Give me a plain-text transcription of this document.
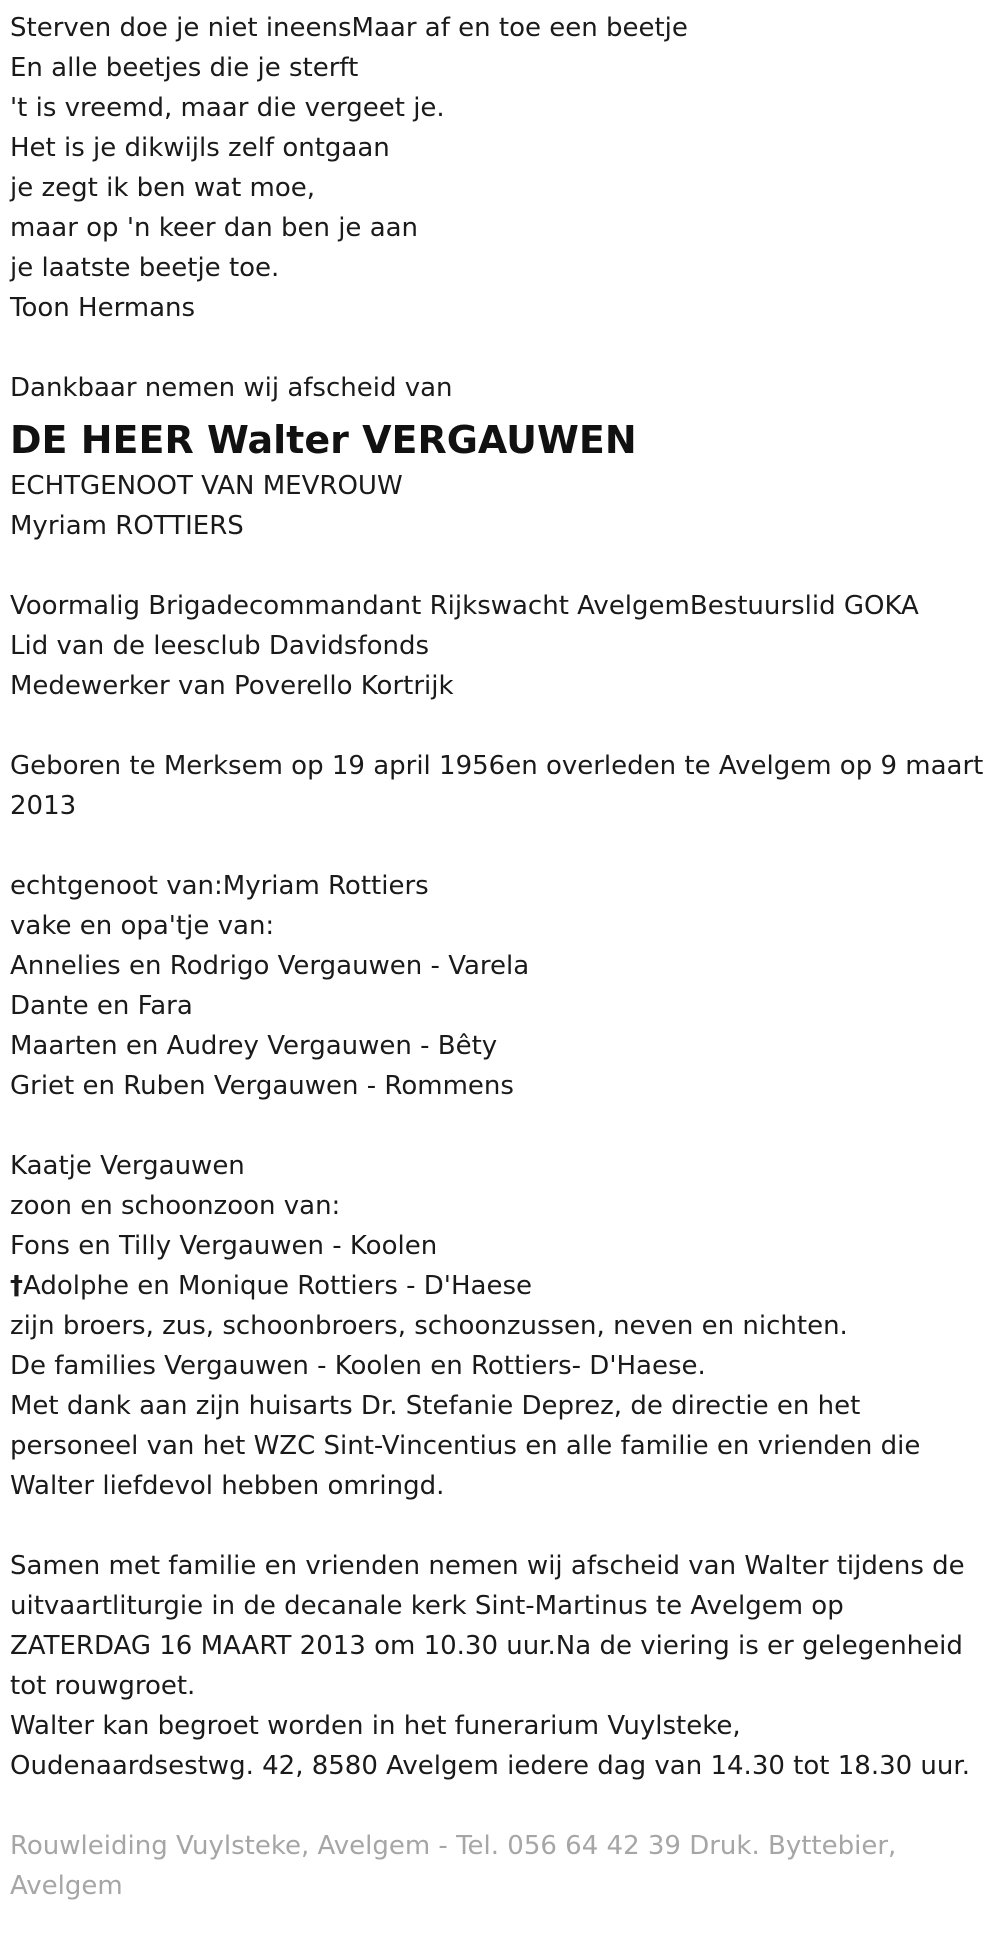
Sterven doe je niet ineensMaar af en toe een beetje
En alle beetjes die je sterft
't is vreemd, maar die vergeet je.
Het is je dikwijls zelf ontgaan
je zegt ik ben wat moe,
maar op 'n keer dan ben je aan
je laatste beetje toe.
Toon Hermans
Dankbaar nemen wij afscheid van
DE HEER Walter VERGAUWEN
ECHTGENOOT VAN MEVROUW
Myriam ROTTIERS
Voormalig Brigadecommandant Rijkswacht AvelgemBestuurslid GOKA
Lid van de leesclub Davidsfonds
Medewerker van Poverello Kortrijk
Geboren te Merksem op 19 april 1956en overleden te Avelgem op 9 maart 2013
echtgenoot van:Myriam Rottiers
vake en opa'tje van:
Annelies en Rodrigo Vergauwen - Varela
Dante en Fara
Maarten en Audrey Vergauwen - Bêty
Griet en Ruben Vergauwen - Rommens
Kaatje Vergauwen
zoon en schoonzoon van:
Fons en Tilly Vergauwen - Koolen
†Adolphe en Monique Rottiers - D'Haese
zijn broers, zus, schoonbroers, schoonzussen, neven en nichten.
De families Vergauwen - Koolen en Rottiers- D'Haese.
Met dank aan zijn huisarts Dr. Stefanie Deprez, de directie en het personeel van het WZC Sint-Vincentius en alle familie en vrienden die Walter liefdevol hebben omringd.
Samen met familie en vrienden nemen wij afscheid van Walter tijdens de uitvaartliturgie in de decanale kerk Sint-Martinus te Avelgem op ZATERDAG 16 MAART 2013 om 10.30 uur.Na de viering is er gelegenheid tot rouwgroet.
Walter kan begroet worden in het funerarium Vuylsteke, Oudenaardsestwg. 42, 8580 Avelgem iedere dag van 14.30 tot 18.30 uur.
Rouwleiding Vuylsteke, Avelgem - Tel. 056 64 42 39 Druk. Byttebier, Avelgem
